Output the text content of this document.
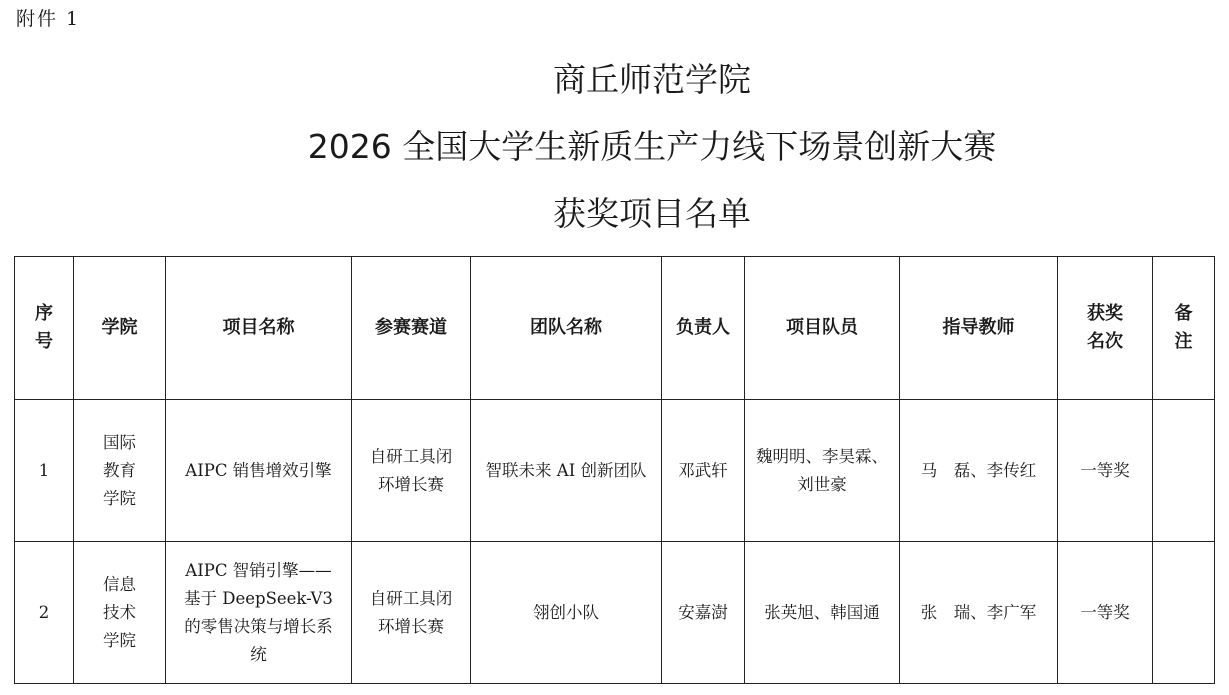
附件 1
商丘师范学院
2026 全国大学生新质生产力线下场景创新大赛
获奖项目名单
序号	学院	项目名称	参赛赛道	团队名称	负责人	项目队员	指导教师	获奖名次	备注
1	国际教育学院	AIPC 销售增效引擎	自研工具闭环增长赛	智联未来 AI 创新团队	邓武轩	魏明明、李昊霖、刘世豪	马　磊、李传红	一等奖	
2	信息技术学院	AIPC 智销引擎——基于 DeepSeek-V3 的零售决策与增长系统	自研工具闭环增长赛	翎创小队	安嘉澍	张英旭、韩国通	张　瑞、李广军	一等奖	
